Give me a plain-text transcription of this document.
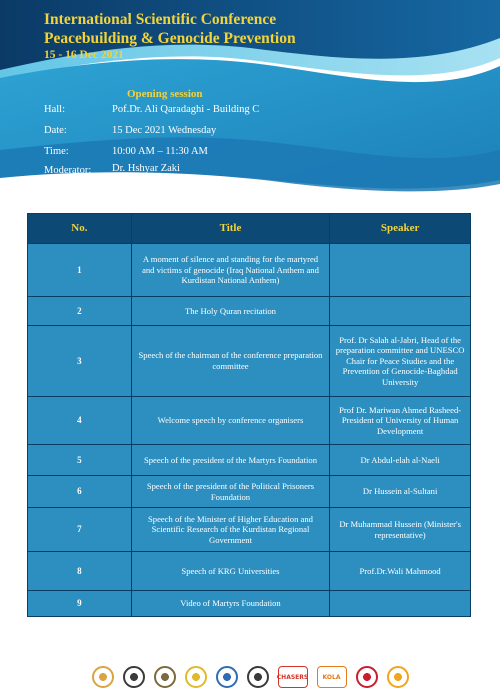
International Scientific Conference
Peacebuilding & Genocide Prevention
15 - 16 Dec 2021
Opening session
Hall:	Pof.Dr. Ali Qaradaghi - Building C
Date:	15 Dec 2021 Wednesday
Time:	10:00 AM – 11:30 AM
Moderator: Dr. Hshyar Zaki
No.	Title	Speaker
1	A moment of silence and standing for the martyred and victims of genocide (Iraq National Anthem and Kurdistan National Anthem)	
2	The Holy Quran recitation	
3	Speech of the chairman of the conference preparation committee	Prof. Dr Salah al-Jabri, Head of the preparation committee and UNESCO Chair for Peace Studies and the Prevention of Genocide-Baghdad University
4	Welcome speech by conference organisers	Prof Dr. Mariwan Ahmed Rasheed- President of University of Human Development
5	Speech of the president of the Martyrs Foundation	Dr Abdul-elah al-Naeli
6	Speech of the president of the Political Prisoners Foundation	Dr Hussein al-Sultani
7	Speech of the Minister of Higher Education and Scientific Research of the Kurdistan Regional Government	Dr Muhammad Hussein (Minister's representative)
8	Speech of KRG Universities	Prof.Dr.Wali Mahmood
9	Video of Martyrs Foundation	
CHASERS	KOLA
